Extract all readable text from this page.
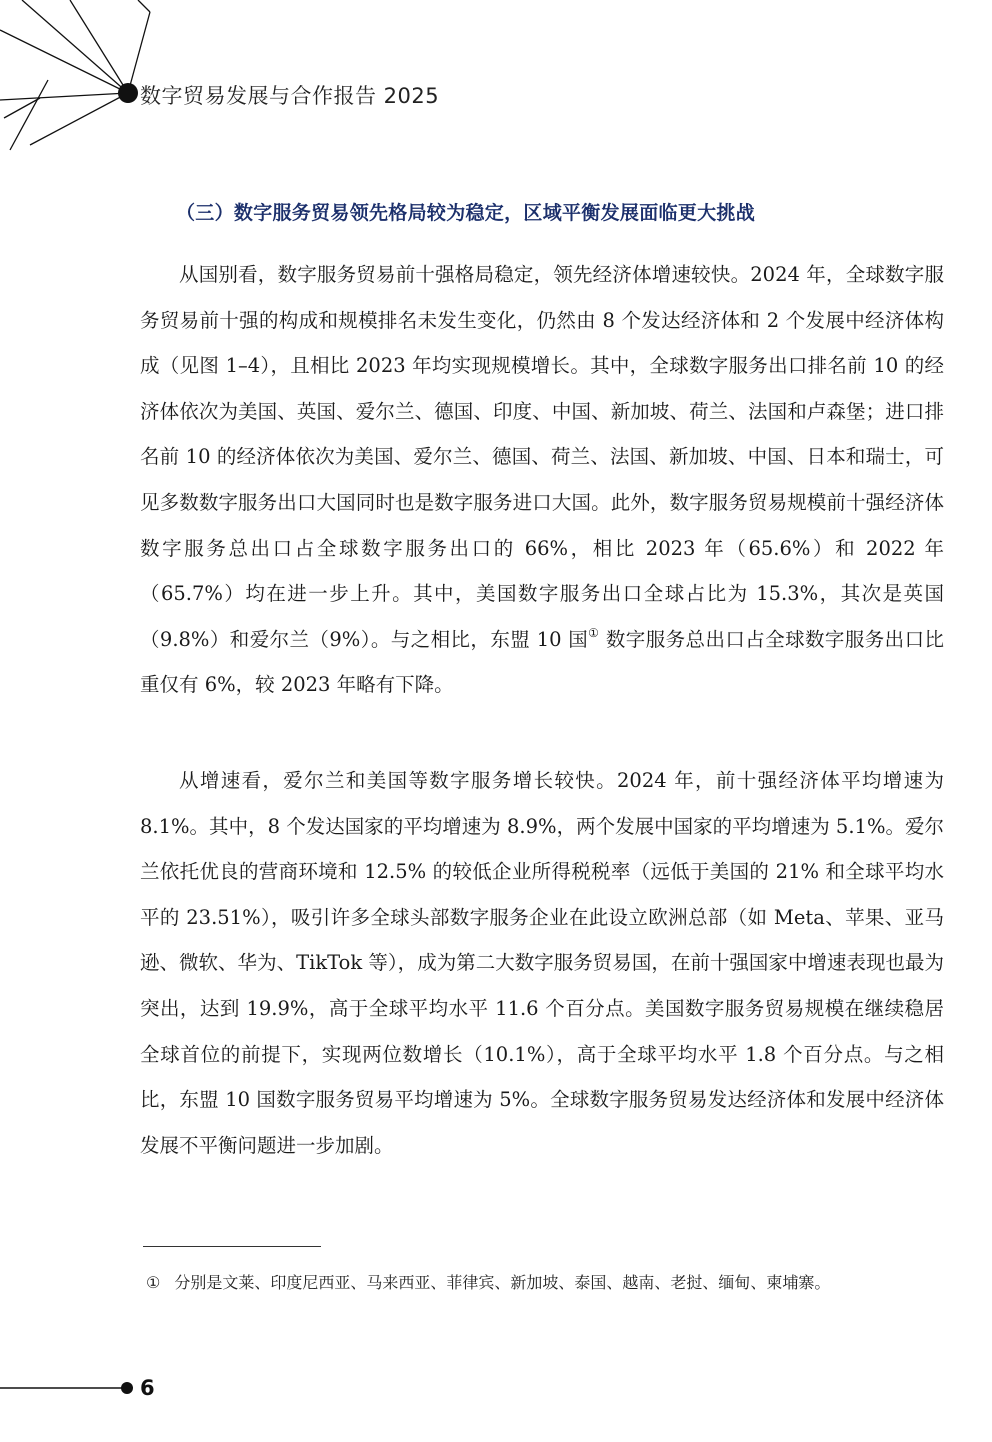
数字贸易发展与合作报告 2025
（三）数字服务贸易领先格局较为稳定，区域平衡发展面临更大挑战

从国别看，数字服务贸易前十强格局稳定，领先经济体增速较快。2024 年，全球数字服务贸易前十强的构成和规模排名未发生变化，仍然由 8 个发达经济体和 2 个发展中经济体构成（见图 1–4），且相比 2023 年均实现规模增长。其中，全球数字服务出口排名前 10 的经济体依次为美国、英国、爱尔兰、德国、印度、中国、新加坡、荷兰、法国和卢森堡；进口排名前 10 的经济体依次为美国、爱尔兰、德国、荷兰、法国、新加坡、中国、日本和瑞士，可见多数数字服务出口大国同时也是数字服务进口大国。此外，数字服务贸易规模前十强经济体数字服务总出口占全球数字服务出口的 66%，相比 2023 年（65.6%）和 2022 年（65.7%）均在进一步上升。其中，美国数字服务出口全球占比为 15.3%，其次是英国（9.8%）和爱尔兰（9%）。与之相比，东盟 10 国① 数字服务总出口占全球数字服务出口比重仅有 6%，较 2023 年略有下降。

从增速看，爱尔兰和美国等数字服务增长较快。2024 年，前十强经济体平均增速为 8.1%。其中，8 个发达国家的平均增速为 8.9%，两个发展中国家的平均增速为 5.1%。爱尔兰依托优良的营商环境和 12.5% 的较低企业所得税税率（远低于美国的 21% 和全球平均水平的 23.51%），吸引许多全球头部数字服务企业在此设立欧洲总部（如 Meta、苹果、亚马逊、微软、华为、TikTok 等），成为第二大数字服务贸易国，在前十强国家中增速表现也最为突出，达到 19.9%，高于全球平均水平 11.6 个百分点。美国数字服务贸易规模在继续稳居全球首位的前提下，实现两位数增长（10.1%），高于全球平均水平 1.8 个百分点。与之相比，东盟 10 国数字服务贸易平均增速为 5%。全球数字服务贸易发达经济体和发展中经济体发展不平衡问题进一步加剧。

① 分别是文莱、印度尼西亚、马来西亚、菲律宾、新加坡、泰国、越南、老挝、缅甸、柬埔寨。
6
